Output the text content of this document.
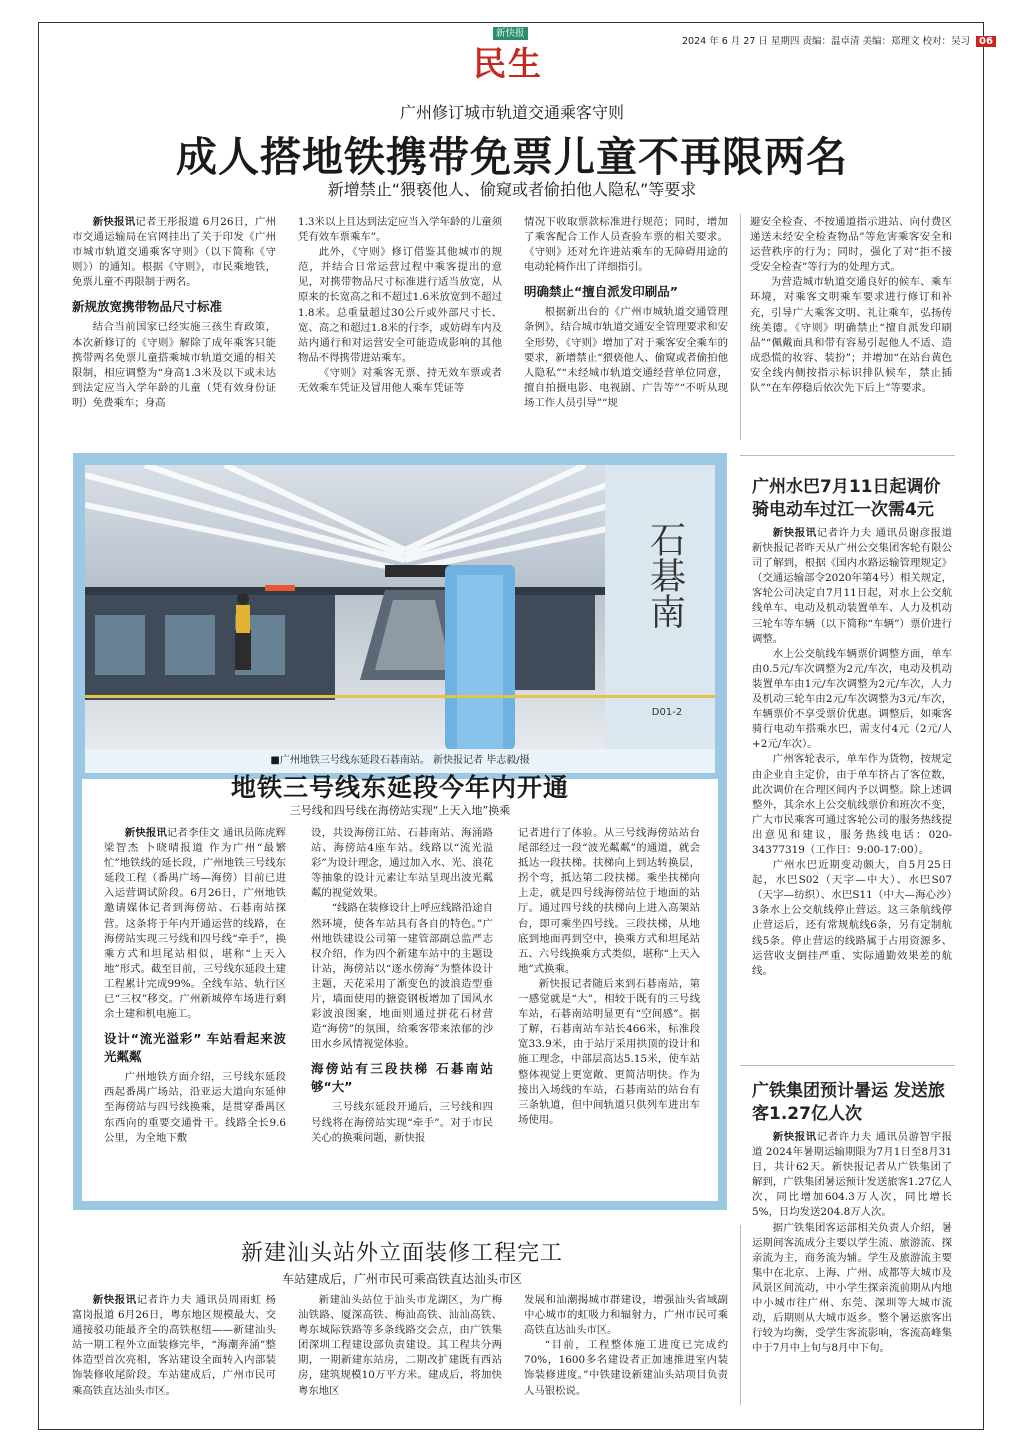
新快报
民生
2024 年 6 月 27 日 星期四 责编：温卓清 美编：郑理文 校对：吴习 06
广州修订城市轨道交通乘客守则
成人搭地铁携带免票儿童不再限两名
新增禁止“猥亵他人、偷窥或者偷拍他人隐私”等要求

新快报讯记者王彤报道 6月26日，广州市交通运输局在官网挂出了关于印发《广州市城市轨道交通乘客守则》（以下简称《守则》）的通知。根据《守则》，市民乘地铁，免票儿童不再限制于两名。

新规放宽携带物品尺寸标准

结合当前国家已经实施三孩生育政策，本次新修订的《守则》解除了成年乘客只能携带两名免票儿童搭乘城市轨道交通的相关限制，相应调整为“身高1.3米及以下或未达到法定应当入学年龄的儿童（凭有效身份证明）免费乘车；身高

1.3米以上且达到法定应当入学年龄的儿童须凭有效车票乘车”。

此外，《守则》修订借鉴其他城市的规范，并结合日常运营过程中乘客提出的意见，对携带物品尺寸标准进行适当放宽，从原来的长宽高之和不超过1.6米放宽到不超过1.8米。总重量超过30公斤或外部尺寸长、宽、高之和超过1.8米的行李，或妨碍车内及站内通行和对运营安全可能造成影响的其他物品不得携带进站乘车。

《守则》对乘客无票、持无效车票或者无效乘车凭证及冒用他人乘车凭证等

情况下收取票款标准进行规范；同时，增加了乘客配合工作人员查验车票的相关要求。《守则》还对允许进站乘车的无障碍用途的电动轮椅作出了详细指引。

明确禁止“擅自派发印刷品”

根据新出台的《广州市城轨道交通管理条例》，结合城市轨道交通安全管理要求和安全形势，《守则》增加了对于乘客安全乘车的要求，新增禁止“猥亵他人、偷窥或者偷拍他人隐私”“未经城市轨道交通经营单位同意，擅自拍摄电影、电视剧、广告等”“不听从现场工作人员引导”“规

避安全检查、不按通道指示进站、向付费区递送未经安全检查物品”等危害乘客安全和运营秩序的行为；同时，强化了对“拒不接受安全检查”等行为的处理方式。

为营造城市轨道交通良好的候车、乘车环境，对乘客文明乘车要求进行修订和补充，引导广大乘客文明、礼让乘车，弘扬传统美德。《守则》明确禁止“擅自派发印刷品”“佩戴面具和带有容易引起他人不适、造成恐慌的妆容、装扮”；并增加“在站台黄色安全线内侧按指示标识排队候车，禁止插队”“在车停稳后依次先下后上”等要求。

石碁南
D01-2
■广州地铁三号线东延段石碁南站。 新快报记者 毕志毅/摄
地铁三号线东延段今年内开通
三号线和四号线在海傍站实现“上天入地”换乘

新快报讯记者李佳文 通讯员陈虎辉 梁智杰 卜晓晴报道 作为广州“最繁忙”地铁线的延长段，广州地铁三号线东延段工程（番禺广场—海傍）目前已进入运营调试阶段。6月26日，广州地铁邀请媒体记者到海傍站、石碁南站探营。这条将于年内开通运营的线路，在海傍站实现三号线和四号线“牵手”，换乘方式和坦尾站相似，堪称“上天入地”形式。截至目前，三号线东延段土建工程累计完成99%。全线车站、轨行区已“三权”移交。广州新城停车场进行剩余土建和机电施工。

设计“流光溢彩” 车站看起来波光粼粼

广州地铁方面介绍，三号线东延段西起番禺广场站，沿亚运大道向东延伸至海傍站与四号线换乘，是贯穿番禺区东西向的重要交通骨干。线路全长9.6公里，为全地下敷

设，共设海傍江站、石碁南站、海涌路站、海傍站4座车站。线路以“流光溢彩”为设计理念，通过加入水、光、浪花等抽象的设计元素让车站呈现出波光粼粼的视觉效果。

“线路在装修设计上呼应线路沿途自然环境，使各车站具有各自的特色。”广州地铁建设公司第一建管部副总监严志权介绍，作为四个新建车站中的主题设计站，海傍站以“逐水傍海”为整体设计主题，天花采用了渐变色的波浪造型垂片，墙面使用的搪瓷钢板增加了国风水彩波浪图案，地面则通过拼花石材营造“海傍”的氛围，给乘客带来浓郁的沙田水乡风情视觉体验。

海傍站有三段扶梯 石碁南站够“大”

三号线东延段开通后，三号线和四号线将在海傍站实现“牵手”。对于市民关心的换乘问题，新快报

记者进行了体验。从三号线海傍站站台尾部经过一段“波光粼粼”的通道，就会抵达一段扶梯。扶梯向上到达转换层，拐个弯，抵达第二段扶梯。乘坐扶梯向上走，就是四号线海傍站位于地面的站厅。通过四号线的扶梯向上进入高架站台，即可乘坐四号线。三段扶梯，从地底到地面再到空中，换乘方式和坦尾站五、六号线换乘方式类似，堪称“上天入地”式换乘。

新快报记者随后来到石碁南站，第一感觉就是“大”，相较于既有的三号线车站，石碁南站明显更有“空间感”。据了解，石碁南站车站长466米，标准段宽33.9米，由于站厅采用拱顶的设计和施工理念，中部层高达5.15米，使车站整体视觉上更宽敞、更简洁明快。作为接出入场线的车站，石碁南站的站台有三条轨道，但中间轨道只供列车进出车场使用。

广州水巴7月11日起调价 骑电动车过江一次需4元

新快报讯记者许力夫 通讯员谢彦报道 新快报记者昨天从广州公交集团客轮有限公司了解到，根据《国内水路运输管理规定》（交通运输部令2020年第4号）相关规定，客轮公司决定自7月11日起，对水上公交航线单车、电动及机动装置单车、人力及机动三轮车等车辆（以下简称“车辆”）票价进行调整。

水上公交航线车辆票价调整方面，单车由0.5元/车次调整为2元/车次，电动及机动装置单车由1元/车次调整为2元/车次，人力及机动三轮车由2元/车次调整为3元/车次，车辆票价不享受票价优惠。调整后，如乘客骑行电动车搭乘水巴，需支付4元（2元/人+2元/车次）。

广州客轮表示，单车作为货物，按规定由企业自主定价，由于单车挤占了客位数，此次调价在合理区间内予以调整。除上述调整外，其余水上公交航线票价和班次不变，广大市民乘客可通过客轮公司的服务热线提出意见和建议，服务热线电话：020-34377319（工作日：9:00-17:00）。

广州水巴近期变动颇大，自5月25日起，水巴S02（天字—中大）、水巴S07（天字—纺织）、水巴S11（中大—海心沙）3条水上公交航线停止营运。这三条航线停止营运后，还有常规航线6条，另有定制航线5条。停止营运的线路属于占用资源多、运营收支倒挂严重、实际通勤效果差的航线。

广铁集团预计暑运 发送旅客1.27亿人次

新快报讯记者许力夫 通讯员游智宇报道 2024年暑期运输期限为7月1日至8月31日，共计62天。新快报记者从广铁集团了解到，广铁集团暑运预计发送旅客1.27亿人次，同比增加604.3万人次，同比增长5%，日均发送204.8万人次。

据广铁集团客运部相关负责人介绍，暑运期间客流成分主要以学生流、旅游流、探亲流为主，商务流为辅。学生及旅游流主要集中在北京、上海、广州、成都等大城市及风景区间流动，中小学生探亲流前期从内地中小城市往广州、东莞、深圳等大城市流动，后期则从大城市返乡。整个暑运旅客出行较为均衡，受学生客流影响，客流高峰集中于7月中上旬与8月中下旬。

新建汕头站外立面装修工程完工
车站建成后，广州市民可乘高铁直达汕头市区

新快报讯记者许力夫 通讯员周雨虹 杨富岗报道 6月26日，粤东地区规模最大、交通接驳功能最齐全的高铁枢纽——新建汕头站一期工程外立面装修完毕，“海潮奔涌”整体造型首次亮相，客站建设全面转入内部装饰装修收尾阶段。车站建成后，广州市民可乘高铁直达汕头市区。

新建汕头站位于汕头市龙湖区，为广梅汕铁路、厦深高铁、梅汕高铁、汕汕高铁、粤东城际铁路等多条线路交会点，由广铁集团深圳工程建设部负责建设。其工程共分两期，一期新建东站房，二期改扩建既有西站房，建筑规模10万平方米。建成后，将加快粤东地区

发展和汕潮揭城市群建设，增强汕头省域副中心城市的虹吸力和辐射力，广州市民可乘高铁直达汕头市区。

“目前，工程整体施工进度已完成约70%，1600多名建设者正加速推进室内装饰装修进度。”中铁建设新建汕头站项目负责人马银松说。
